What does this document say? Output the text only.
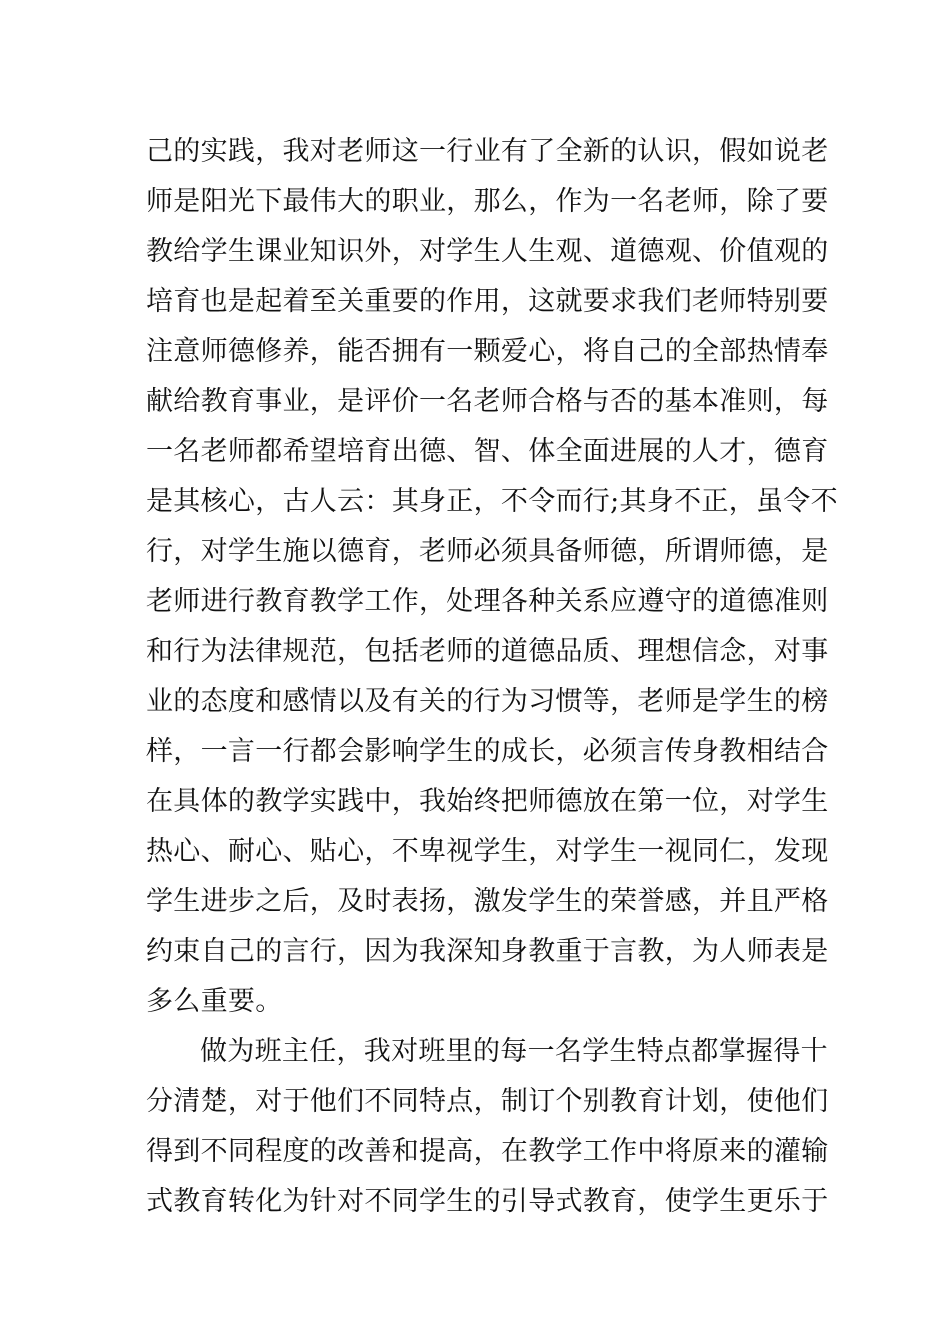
己的实践，我对老师这一行业有了全新的认识，假如说老
师是阳光下最伟大的职业，那么，作为一名老师，除了要
教给学生课业知识外，对学生人生观、道德观、价值观的
培育也是起着至关重要的作用，这就要求我们老师特别要
注意师德修养，能否拥有一颗爱心，将自己的全部热情奉
献给教育事业，是评价一名老师合格与否的基本准则，每
一名老师都希望培育出德、智、体全面进展的人才，德育
是其核心，古人云：其身正，不令而行;其身不正，虽令不
行，对学生施以德育，老师必须具备师德，所谓师德，是
老师进行教育教学工作，处理各种关系应遵守的道德准则
和行为法律规范，包括老师的道德品质、理想信念，对事
业的态度和感情以及有关的行为习惯等，老师是学生的榜
样，一言一行都会影响学生的成长，必须言传身教相结合
在具体的教学实践中，我始终把师德放在第一位，对学生
热心、耐心、贴心，不卑视学生，对学生一视同仁，发现
学生进步之后，及时表扬，激发学生的荣誉感，并且严格
约束自己的言行，因为我深知身教重于言教，为人师表是
多么重要。
做为班主任，我对班里的每一名学生特点都掌握得十
分清楚，对于他们不同特点，制订个别教育计划，使他们
得到不同程度的改善和提高，在教学工作中将原来的灌输
式教育转化为针对不同学生的引导式教育，使学生更乐于
